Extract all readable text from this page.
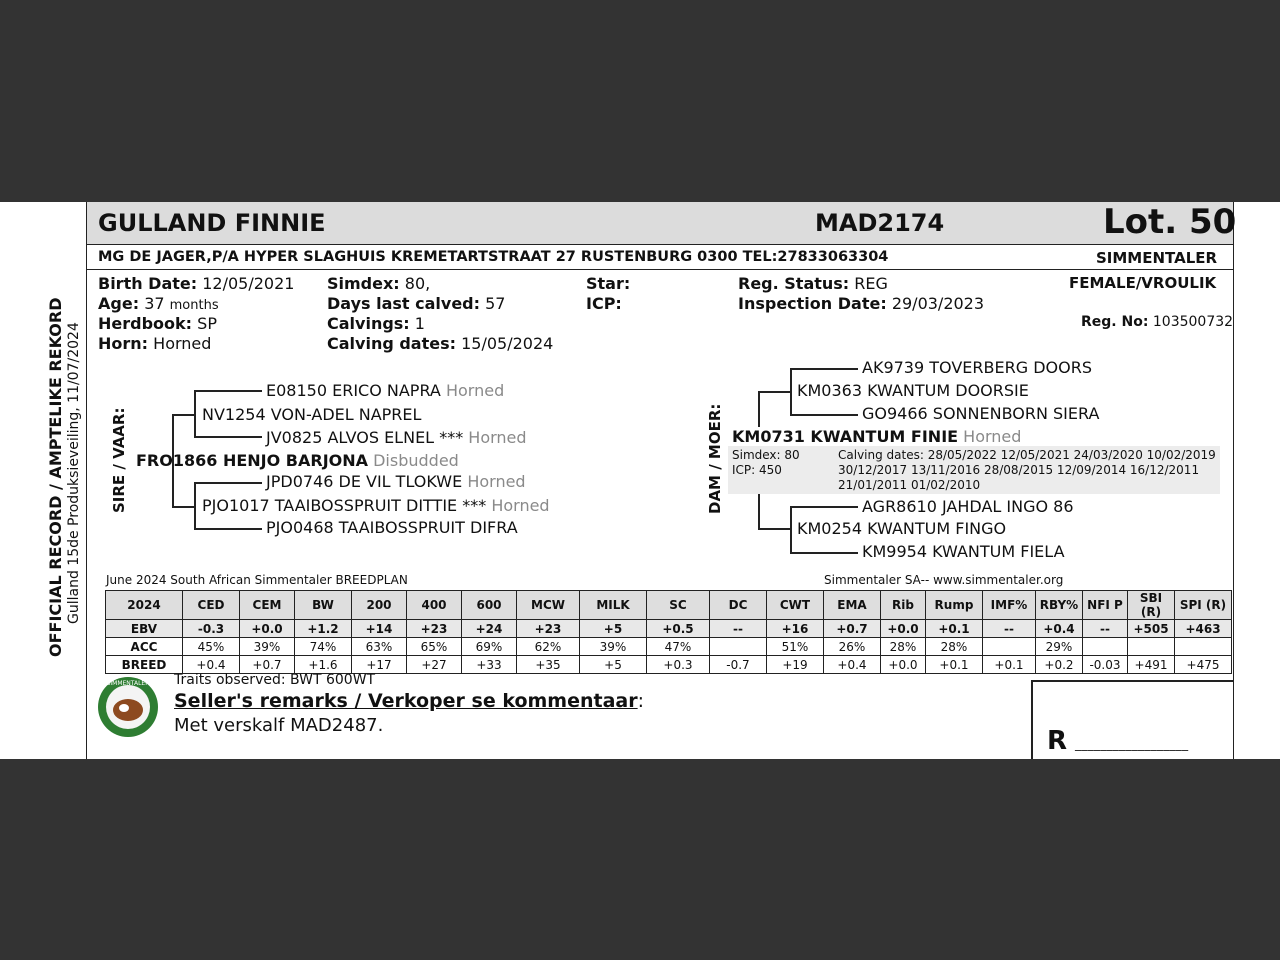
GULLAND FINNIE	MAD2174	Lot. 50
MG DE JAGER,P/A HYPER SLAGHUIS KREMETARTSTRAAT 27 RUSTENBURG 0300 TEL:27833063304	SIMMENTALER
Birth Date: 12/05/2021
Age: 37 months
Herdbook: SP
Horn: Horned
Simdex: 80,
Days last calved: 57
Calvings: 1
Calving dates: 15/05/2024
Star:
ICP:
Reg. Status: REG
Inspection Date: 29/03/2023
FEMALE/VROULIK
Reg. No: 103500732
OFFICIAL RECORD / AMPTELIKE REKORD Gulland 15de Produksieveiling, 11/07/2024 SIRE / VAAR: FRO1866 HENJO BARJONA Disbudded
NV1254 VON-ADEL NAPREL
E08150 ERICO NAPRA Horned
JV0825 ALVOS ELNEL *** Horned
PJO1017 TAAIBOSSPRUIT DITTIE *** Horned
JPD0746 DE VIL TLOKWE Horned
PJO0468 TAAIBOSSPRUIT DIFRA
DAM / MOER:
AK9739 TOVERBERG DOORS
KM0363 KWANTUM DOORSIE
GO9466 SONNENBORN SIERA
KM0731 KWANTUM FINIE Horned
Simdex: 80
ICP: 450
Calving dates: 28/05/2022 12/05/2021 24/03/2020 10/02/2019
30/12/2017 13/11/2016 28/08/2015 12/09/2014 16/12/2011
21/01/2011 01/02/2010
AGR8610 JAHDAL INGO 86
KM0254 KWANTUM FINGO
KM9954 KWANTUM FIELA
June 2024 South African Simmentaler BREEDPLAN	Simmentaler SA-- www.simmentaler.org
2024	CED	CEM	BW	200	400	600	MCW	MILK	SC	DC	CWT	EMA	Rib	Rump	IMF%	RBY%	NFI P	SBI (R)	SPI (R)
EBV	-0.3	+0.0	+1.2	+14	+23	+24	+23	+5	+0.5	--	+16	+0.7	+0.0	+0.1	--	+0.4	--	+505	+463
ACC	45%	39%	74%	63%	65%	69%	62%	39%	47%		51%	26%	28%	28%		29%			
BREED	+0.4	+0.7	+1.6	+17	+27	+33	+35	+5	+0.3	-0.7	+19	+0.4	+0.0	+0.1	+0.1	+0.2	-0.03	+491	+475
SIMMENTALER Traits observed: BWT 600WT
Seller's remarks / Verkoper se kommentaar:
Met verskalf MAD2487.
R __________________
